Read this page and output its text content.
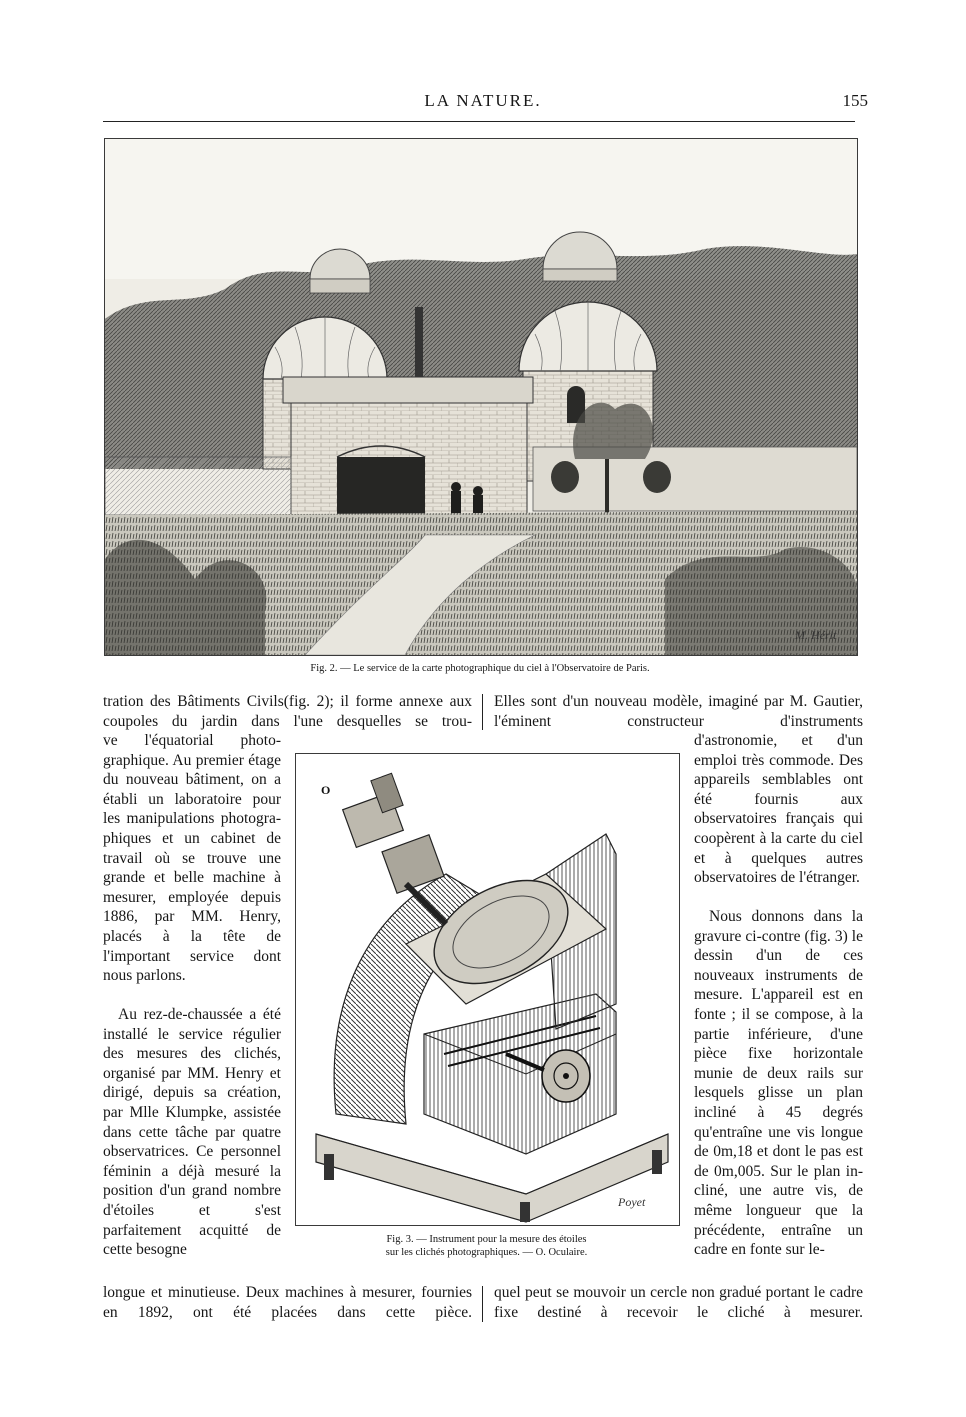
LA NATURE.	155
M. Hérit
Fig. 2. — Le service de la carte photographique du ciel à l'Observatoire de Paris.

tration des Bâtiments Civils(fig. 2); il forme annexe aux coupoles du jardin dans l'une desquelles se trou-

Elles sont d'un nouveau modèle, imaginé par M. Gautier, l'éminent constructeur d'instruments

ve l'équatorial photographique. Au premier étage du nouveau bâtiment, on a établi un laboratoire pour les manipulations photographiques et un cabinet de travail où se trouve une grande et belle machine à mesurer, employée depuis 1886, par MM. Henry, placés à la tête de l'important service dont nous parlons.

Au rez-de-chaussée a été installé le service régulier des mesures des clichés, organisé par MM. Henry et dirigé, depuis sa création, par Mlle Klumpke, assistée dans cette tâche par quatre observatrices. Ce personnel féminin a déjà mesuré la position d'un grand nombre d'étoiles et s'est parfaitement acquitté de cette besogne

O
Poyet
Fig. 3. — Instrument pour la mesure des étoiles
sur les clichés photographiques. — O. Oculaire.

d'astronomie, et d'un emploi très commode. Des appareils semblables ont été fournis aux observatoires français qui coopèrent à la carte du ciel et à quelques autres observatoires de l'étranger.

Nous donnons dans la gravure ci-contre (fig. 3) le dessin d'un de ces nouveaux instruments de mesure. L'appareil est en fonte ; il se compose, à la partie inférieure, d'une pièce fixe horizontale munie de deux rails sur lesquels glisse un plan incliné à 45 degrés qu'entraîne une vis longue de 0m,18 et dont le pas est de 0m,005. Sur le plan incliné, une autre vis, de même longueur que la précédente, entraîne un cadre en fonte sur le-

longue et minutieuse. Deux machines à mesurer, fournies en 1892, ont été placées dans cette pièce.

quel peut se mouvoir un cercle non gradué portant le cadre fixe destiné à recevoir le cliché à mesurer.
